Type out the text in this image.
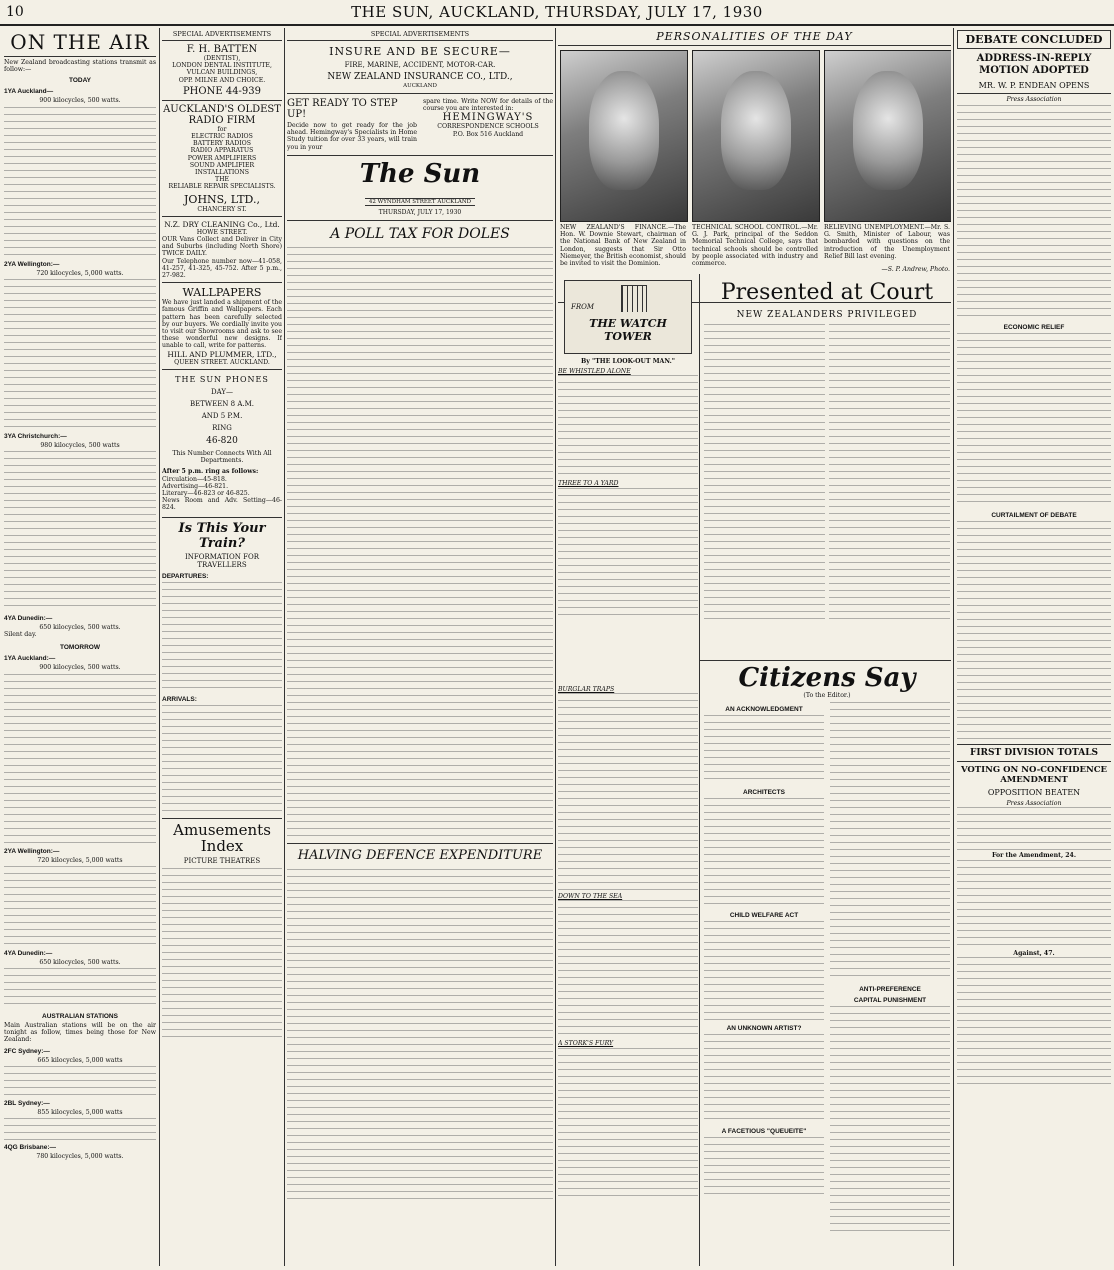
10	THE SUN, AUCKLAND, THURSDAY, JULY 17, 1930
ON THE AIR
New Zealand broadcasting stations transmit as follow:—
TODAY
1YA Auckland—
900 kilocycles, 500 watts.
2YA Wellington:—
720 kilocycles, 5,000 watts.
3YA Christchurch:—
980 kilocycles, 500 watts
4YA Dunedin:—
650 kilocycles, 500 watts.
Silent day.
TOMORROW
1YA Auckland:—
900 kilocycles, 500 watts.
2YA Wellington:—
720 kilocycles, 5,000 watts
4YA Dunedin:—
650 kilocycles, 500 watts.
AUSTRALIAN STATIONS
Main Australian stations will be on the air tonight as follow, times being those for New Zealand:
2FC Sydney:—
665 kilocycles, 5,000 watts
2BL Sydney:—
855 kilocycles, 5,000 watts
4QG Brisbane:—
780 kilocycles, 5,000 watts.
SPECIAL ADVERTISEMENTS
F. H. BATTEN
(DENTIST),
LONDON DENTAL INSTITUTE,
VULCAN BUILDINGS,
OPP. MILNE AND CHOICE.
PHONE 44-939
AUCKLAND'S OLDEST RADIO FIRM
for
ELECTRIC RADIOS
BATTERY RADIOS
RADIO APPARATUS
POWER AMPLIFIERS
SOUND AMPLIFIER
INSTALLATIONS
THE
RELIABLE REPAIR SPECIALISTS.
JOHNS, LTD.,
CHANCERY ST.
N.Z. DRY CLEANING Co., Ltd.
HOWE STREET.
OUR Vans Collect and Deliver in City and Suburbs (including North Shore) TWICE DAILY.
Our Telephone number now—41-058, 41-257, 41-325, 45-752. After 5 p.m., 27-982.
WALLPAPERS
We have just landed a shipment of the famous Griffin and Wallpapers. Each pattern has been carefully selected by our buyers. We cordially invite you to visit our Showrooms and ask to see these wonderful new designs. If unable to call, write for patterns.
HILL AND PLUMMER, LTD.,
QUEEN STREET. AUCKLAND.
THE SUN PHONES
DAY—
BETWEEN 8 A.M.
AND 5 P.M.
RING
46-820
This Number Connects With All Departments.
After 5 p.m. ring as follows:
Circulation—45-818.
Advertising—46-821.
Literary—46-823 or 46-825.
News Room and Adv. Setting—46-824.
Is This Your Train?
INFORMATION FOR TRAVELLERS
DEPARTURES:
ARRIVALS:
Amusements Index
PICTURE THEATRES
SPECIAL ADVERTISEMENTS
INSURE AND BE SECURE—
FIRE, MARINE, ACCIDENT, MOTOR-CAR.
NEW ZEALAND INSURANCE CO., LTD.,
AUCKLAND
GET READY TO STEP UP!
Decide now to get ready for the job ahead. Hemingway's Specialists in Home Study tuition for over 33 years, will train you in your
spare time. Write NOW for details of the course you are interested in:
HEMINGWAY'S
CORRESPONDENCE SCHOOLS
P.O. Box 516 Auckland
The Sun
42 WYNDHAM STREET AUCKLAND
THURSDAY, JULY 17, 1930
A POLL TAX FOR DOLES
HALVING DEFENCE EXPENDITURE
PERSONALITIES OF THE DAY
NEW ZEALAND'S FINANCE.—The Hon. W. Downie Stewart, chairman of the National Bank of New Zealand in London, suggests that Sir Otto Niemeyer, the British economist, should be invited to visit the Dominion.
TECHNICAL SCHOOL CONTROL.—Mr. G. J. Park, principal of the Seddon Memorial Technical College, says that technical schools should be controlled by people associated with industry and commerce.
RELIEVING UNEMPLOYMENT.—Mr. S. G. Smith, Minister of Labour, was bombarded with questions on the introduction of the Unemployment Relief Bill last evening.
—S. P. Andrew, Photo.
FROM
THE WATCH TOWER
By "THE LOOK-OUT MAN."
BE WHISTLED ALONE
THREE TO A YARD
BURGLAR TRAPS
DOWN TO THE SEA
A STORK'S FURY
Presented at Court
NEW ZEALANDERS PRIVILEGED
Citizens Say
(To the Editor.)
AN ACKNOWLEDGMENT
ARCHITECTS
CHILD WELFARE ACT
AN UNKNOWN ARTIST?
A FACETIOUS "QUEUEITE"
ANTI-PREFERENCE
CAPITAL PUNISHMENT
DEBATE CONCLUDED
ADDRESS-IN-REPLY MOTION ADOPTED
MR. W. P. ENDEAN OPENS
Press Association
ECONOMIC RELIEF
CURTAILMENT OF DEBATE
FIRST DIVISION TOTALS
VOTING ON NO-CONFIDENCE AMENDMENT
OPPOSITION BEATEN
Press Association
For the Amendment, 24.
Against, 47.
